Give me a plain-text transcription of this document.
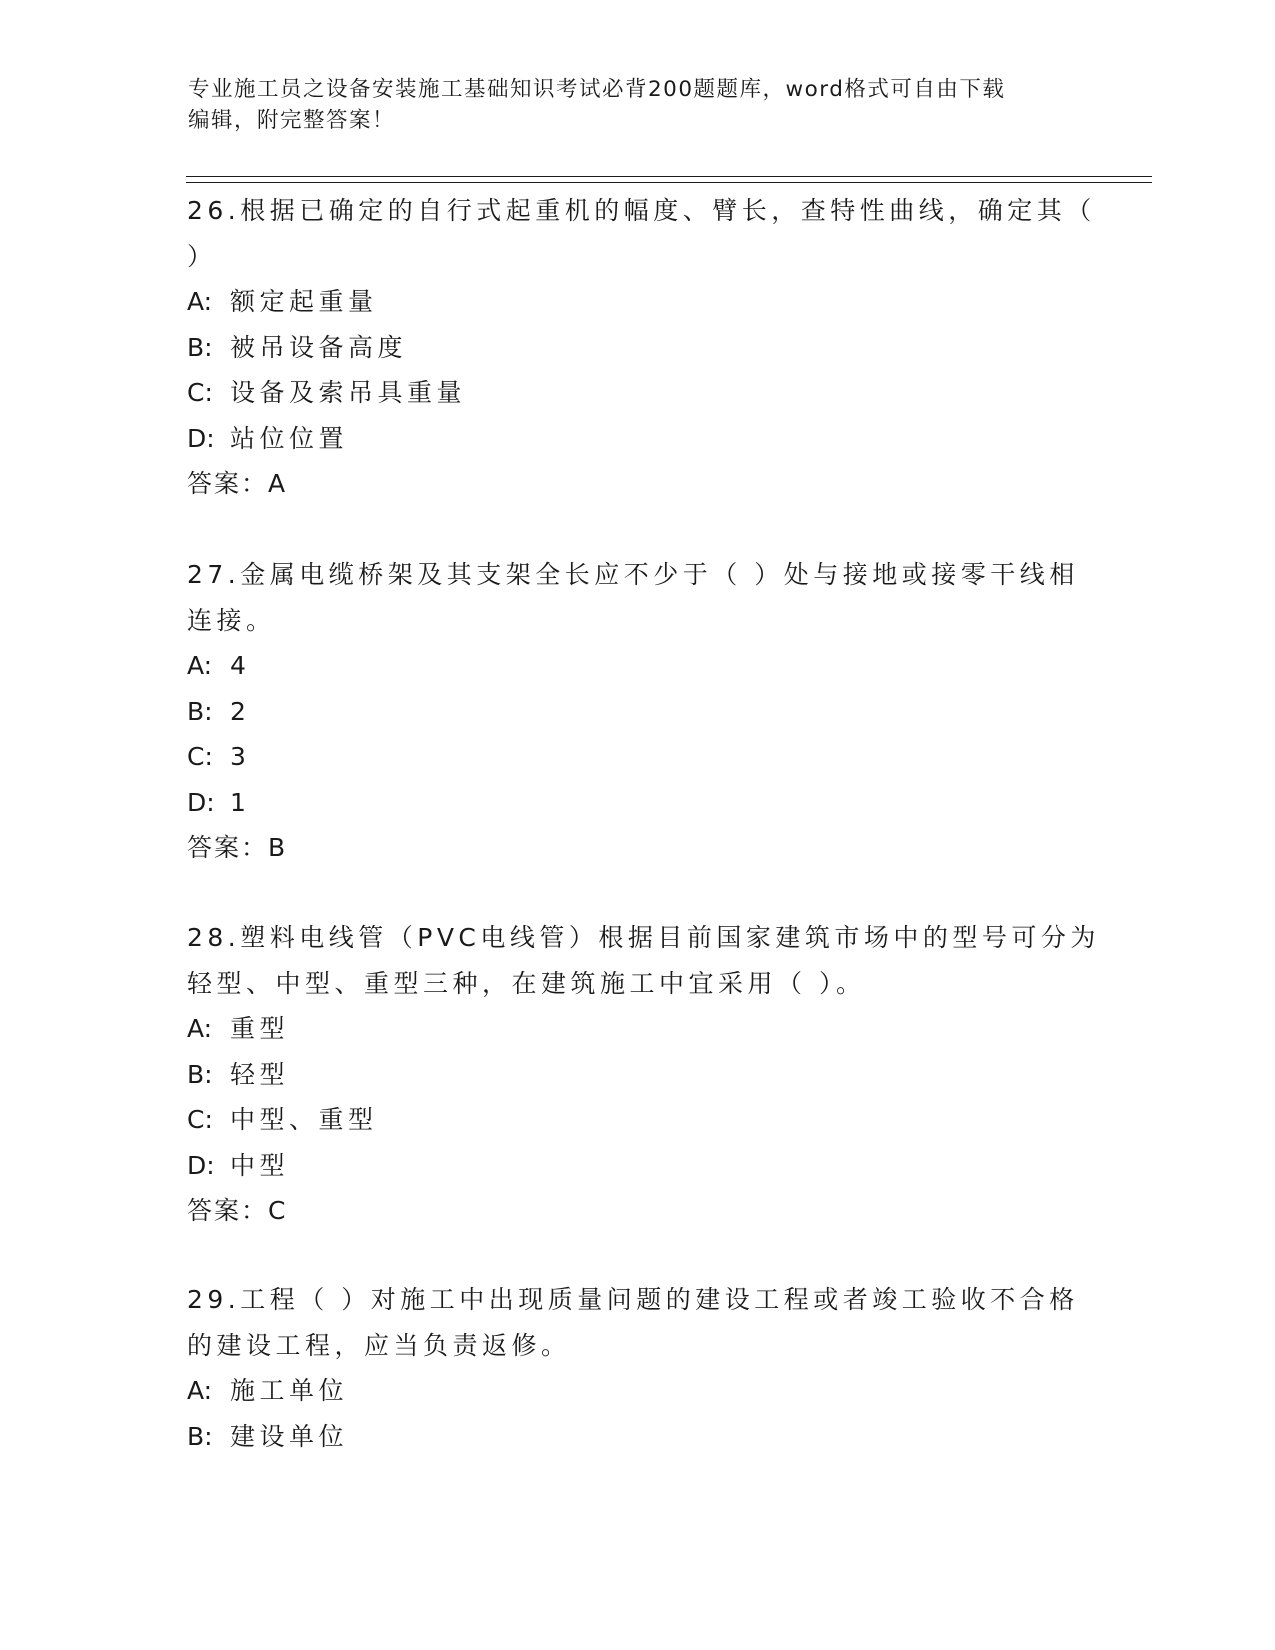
专业施工员之设备安装施工基础知识考试必背200题题库，word格式可自由下载
编辑，附完整答案！
26.根据已确定的自行式起重机的幅度、臂长，查特性曲线，确定其（
）
A: 额定起重量
B: 被吊设备高度
C: 设备及索吊具重量
D: 站位位置
答案：A
27.金属电缆桥架及其支架全长应不少于（ ）处与接地或接零干线相
连接。
A: 4
B: 2
C: 3
D: 1
答案：B
28.塑料电线管（PVC电线管）根据目前国家建筑市场中的型号可分为
轻型、中型、重型三种，在建筑施工中宜采用（ ）。
A: 重型
B: 轻型
C: 中型、重型
D: 中型
答案：C
29.工程（ ）对施工中出现质量问题的建设工程或者竣工验收不合格
的建设工程，应当负责返修。
A: 施工单位
B: 建设单位
